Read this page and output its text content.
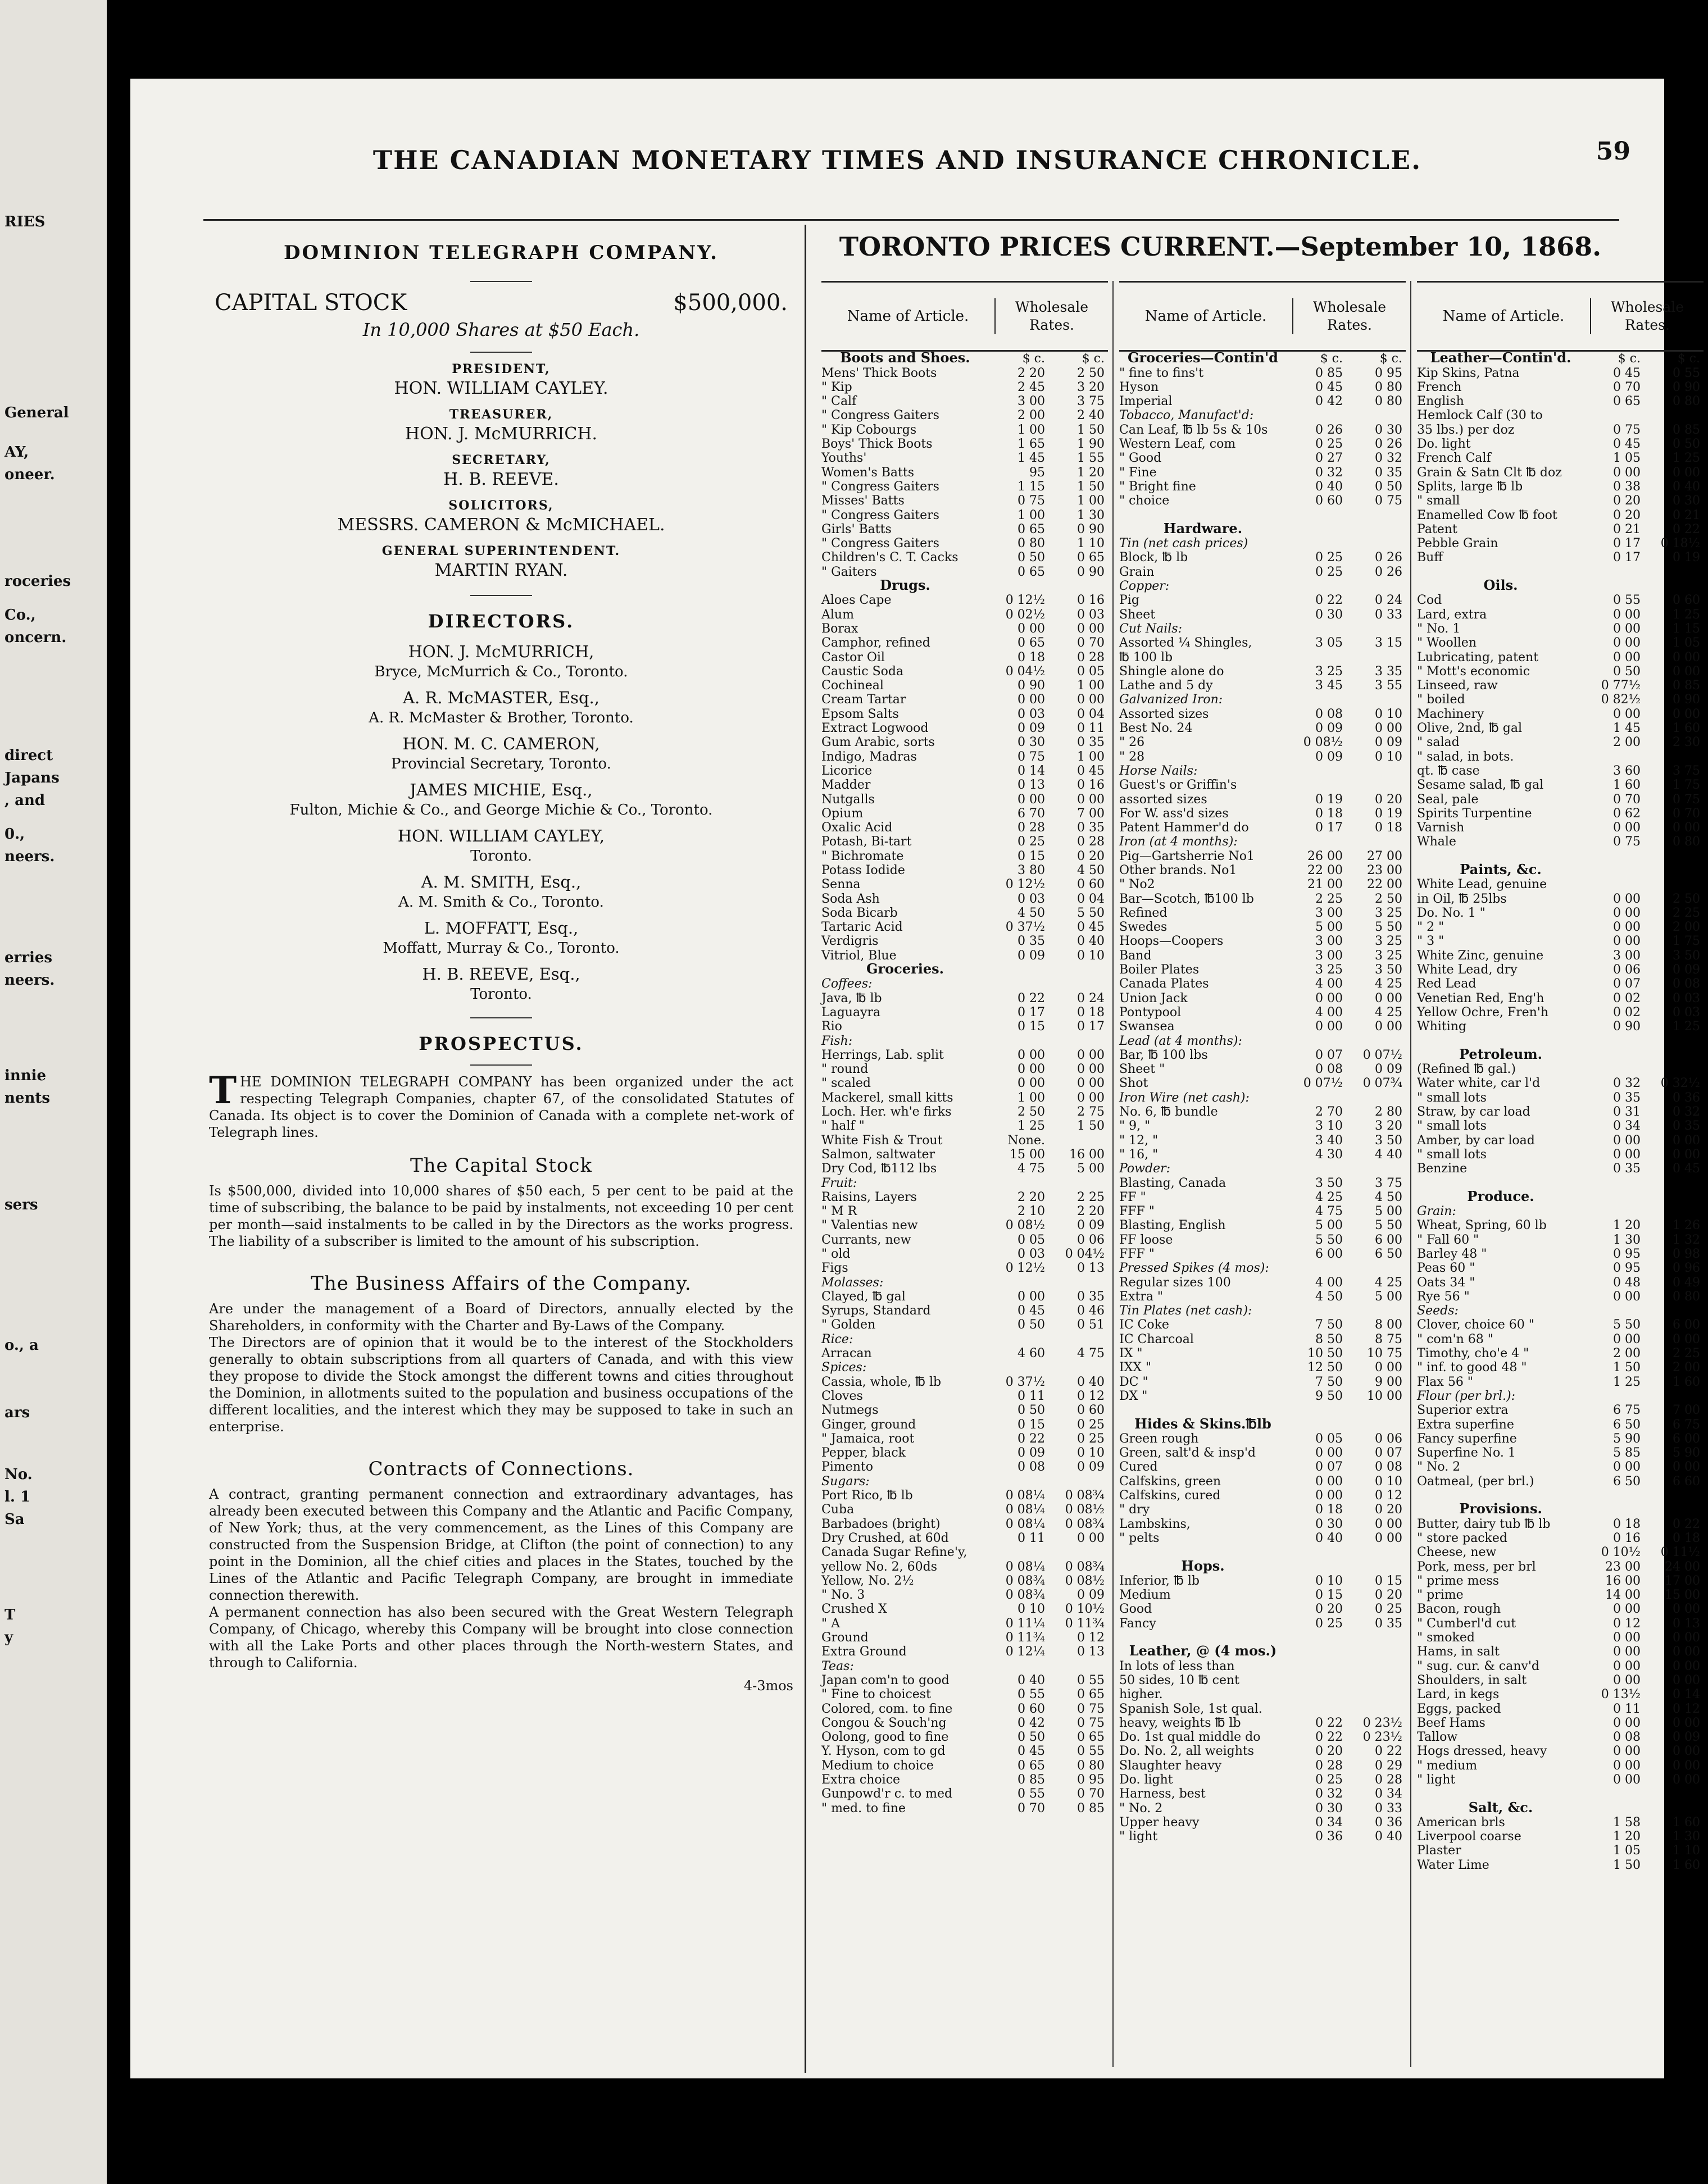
RIES
General
AY,
oneer.
roceries
Co.,
oncern.
direct
Japans
, and
0.,
neers.
erries
neers.
innie
nents
sers
o., a
ars
No.
l. 1
Sa
T
y
THE CANADIAN MONETARY TIMES AND INSURANCE CHRONICLE.	59
DOMINION TELEGRAPH COMPANY.
CAPITAL STOCK	$500,000.
In 10,000 Shares at $50 Each.
PRESIDENT,
HON. WILLIAM CAYLEY.
TREASURER,
HON. J. McMURRICH.
SECRETARY,
H. B. REEVE.
SOLICITORS,
MESSRS. CAMERON & McMICHAEL.
GENERAL SUPERINTENDENT.
MARTIN RYAN.
DIRECTORS.
HON. J. McMURRICH,
Bryce, McMurrich & Co., Toronto.
A. R. McMASTER, Esq.,
A. R. McMaster & Brother, Toronto.
HON. M. C. CAMERON,
Provincial Secretary, Toronto.
JAMES MICHIE, Esq.,
Fulton, Michie & Co., and George Michie & Co., Toronto.
HON. WILLIAM CAYLEY,
Toronto.
A. M. SMITH, Esq.,
A. M. Smith & Co., Toronto.
L. MOFFATT, Esq.,
Moffatt, Murray & Co., Toronto.
H. B. REEVE, Esq.,
Toronto.
PROSPECTUS.

THE DOMINION TELEGRAPH COMPANY has been organized under the act respecting Telegraph Companies, chapter 67, of the consolidated Statutes of Canada. Its object is to cover the Dominion of Canada with a complete net-work of Telegraph lines.

The Capital Stock

Is $500,000, divided into 10,000 shares of $50 each, 5 per cent to be paid at the time of subscribing, the balance to be paid by instalments, not exceeding 10 per cent per month—said instalments to be called in by the Directors as the works progress. The liability of a subscriber is limited to the amount of his subscription.

The Business Affairs of the Company.

Are under the management of a Board of Directors, annually elected by the Shareholders, in conformity with the Charter and By-Laws of the Company.

The Directors are of opinion that it would be to the interest of the Stockholders generally to obtain subscriptions from all quarters of Canada, and with this view they propose to divide the Stock amongst the different towns and cities throughout the Dominion, in allotments suited to the population and business occupations of the different localities, and the interest which they may be supposed to take in such an enterprise.

Contracts of Connections.

A contract, granting permanent connection and extraordinary advantages, has already been executed between this Company and the Atlantic and Pacific Company, of New York; thus, at the very commencement, as the Lines of this Company are constructed from the Suspension Bridge, at Clifton (the point of connection) to any point in the Dominion, all the chief cities and places in the States, touched by the Lines of the Atlantic and Pacific Telegraph Company, are brought in immediate connection therewith.

A permanent connection has also been secured with the Great Western Telegraph Company, of Chicago, whereby this Company will be brought into close connection with all the Lake Ports and other places through the North-western States, and through to California.

4-3mos
TORONTO PRICES CURRENT.—September 10, 1868.
Name of Article.
Wholesale Rates.
Boots and Shoes.	$ c.	$ c.
Mens' Thick Boots	2 20	2 50
" Kip	2 45	3 20
" Calf	3 00	3 75
" Congress Gaiters	2 00	2 40
" Kip Cobourgs	1 00	1 50
Boys' Thick Boots	1 65	1 90
Youths'	1 45	1 55
Women's Batts	95	1 20
" Congress Gaiters	1 15	1 50
Misses' Batts	0 75	1 00
" Congress Gaiters	1 00	1 30
Girls' Batts	0 65	0 90
" Congress Gaiters	0 80	1 10
Children's C. T. Cacks	0 50	0 65
" Gaiters	0 65	0 90
Drugs.
Aloes Cape	0 12½	0 16
Alum	0 02½	0 03
Borax	0 00	0 00
Camphor, refined	0 65	0 70
Castor Oil	0 18	0 28
Caustic Soda	0 04½	0 05
Cochineal	0 90	1 00
Cream Tartar	0 00	0 00
Epsom Salts	0 03	0 04
Extract Logwood	0 09	0 11
Gum Arabic, sorts	0 30	0 35
Indigo, Madras	0 75	1 00
Licorice	0 14	0 45
Madder	0 13	0 16
Nutgalls	0 00	0 00
Opium	6 70	7 00
Oxalic Acid	0 28	0 35
Potash, Bi-tart	0 25	0 28
" Bichromate	0 15	0 20
Potass Iodide	3 80	4 50
Senna	0 12½	0 60
Soda Ash	0 03	0 04
Soda Bicarb	4 50	5 50
Tartaric Acid	0 37½	0 45
Verdigris	0 35	0 40
Vitriol, Blue	0 09	0 10
Groceries.
Coffees:
Java, ℔ lb	0 22	0 24
Laguayra	0 17	0 18
Rio	0 15	0 17
Fish:
Herrings, Lab. split	0 00	0 00
" round	0 00	0 00
" scaled	0 00	0 00
Mackerel, small kitts	1 00	0 00
Loch. Her. wh'e firks	2 50	2 75
" half "	1 25	1 50
White Fish & Trout	None.
Salmon, saltwater	15 00	16 00
Dry Cod, ℔112 lbs	4 75	5 00
Fruit:
Raisins, Layers	2 20	2 25
" M R	2 10	2 20
" Valentias new	0 08½	0 09
Currants, new	0 05	0 06
" old	0 03	0 04½
Figs	0 12½	0 13
Molasses:
Clayed, ℔ gal	0 00	0 35
Syrups, Standard	0 45	0 46
" Golden	0 50	0 51
Rice:
Arracan	4 60	4 75
Spices:
Cassia, whole, ℔ lb	0 37½	0 40
Cloves	0 11	0 12
Nutmegs	0 50	0 60
Ginger, ground	0 15	0 25
" Jamaica, root	0 22	0 25
Pepper, black	0 09	0 10
Pimento	0 08	0 09
Sugars:
Port Rico, ℔ lb	0 08¼	0 08¾
Cuba	0 08¼	0 08½
Barbadoes (bright)	0 08¼	0 08¾
Dry Crushed, at 60d	0 11	0 00
Canada Sugar Refine'y,
yellow No. 2, 60ds	0 08¼	0 08¾
Yellow, No. 2½	0 08¾	0 08½
" No. 3	0 08¾	0 09
Crushed X	0 10	0 10½
" A	0 11¼	0 11¾
Ground	0 11¾	0 12
Extra Ground	0 12¼	0 13
Teas:
Japan com'n to good	0 40	0 55
" Fine to choicest	0 55	0 65
Colored, com. to fine	0 60	0 75
Congou & Souch'ng	0 42	0 75
Oolong, good to fine	0 50	0 65
Y. Hyson, com to gd	0 45	0 55
Medium to choice	0 65	0 80
Extra choice	0 85	0 95
Gunpowd'r c. to med	0 55	0 70
" med. to fine	0 70	0 85
Name of Article.
Wholesale Rates.
Groceries—Contin'd	$ c.	$ c.
" fine to fins't	0 85	0 95
Hyson	0 45	0 80
Imperial	0 42	0 80
Tobacco, Manufact'd:
Can Leaf, ℔ lb 5s & 10s	0 26	0 30
Western Leaf, com	0 25	0 26
" Good	0 27	0 32
" Fine	0 32	0 35
" Bright fine	0 40	0 50
" choice	0 60	0 75
Hardware.
Tin (net cash prices)
Block, ℔ lb	0 25	0 26
Grain	0 25	0 26
Copper:
Pig	0 22	0 24
Sheet	0 30	0 33
Cut Nails:
Assorted ¼ Shingles,	3 05	3 15
℔ 100 lb
Shingle alone do	3 25	3 35
Lathe and 5 dy	3 45	3 55
Galvanized Iron:
Assorted sizes	0 08	0 10
Best No. 24	0 09	0 00
" 26	0 08½	0 09
" 28	0 09	0 10
Horse Nails:
Guest's or Griffin's
assorted sizes	0 19	0 20
For W. ass'd sizes	0 18	0 19
Patent Hammer'd do	0 17	0 18
Iron (at 4 months):
Pig—Gartsherrie No1	26 00	27 00
Other brands. No1	22 00	23 00
" No2	21 00	22 00
Bar—Scotch, ℔100 lb	2 25	2 50
Refined	3 00	3 25
Swedes	5 00	5 50
Hoops—Coopers	3 00	3 25
Band	3 00	3 25
Boiler Plates	3 25	3 50
Canada Plates	4 00	4 25
Union Jack	0 00	0 00
Pontypool	4 00	4 25
Swansea	0 00	0 00
Lead (at 4 months):
Bar, ℔ 100 lbs	0 07	0 07½
Sheet "	0 08	0 09
Shot	0 07½	0 07¾
Iron Wire (net cash):
No. 6, ℔ bundle	2 70	2 80
" 9, "	3 10	3 20
" 12, "	3 40	3 50
" 16, "	4 30	4 40
Powder:
Blasting, Canada	3 50	3 75
FF "	4 25	4 50
FFF "	4 75	5 00
Blasting, English	5 00	5 50
FF loose	5 50	6 00
FFF "	6 00	6 50
Pressed Spikes (4 mos):
Regular sizes 100	4 00	4 25
Extra "	4 50	5 00
Tin Plates (net cash):
IC Coke	7 50	8 00
IC Charcoal	8 50	8 75
IX "	10 50	10 75
IXX "	12 50	0 00
DC "	7 50	9 00
DX "	9 50	10 00
Hides & Skins.℔lb
Green rough	0 05	0 06
Green, salt'd & insp'd	0 00	0 07
Cured	0 07	0 08
Calfskins, green	0 00	0 10
Calfskins, cured	0 00	0 12
" dry	0 18	0 20
Lambskins,	0 30	0 00
" pelts	0 40	0 00
Hops.
Inferior, ℔ lb	0 10	0 15
Medium	0 15	0 20
Good	0 20	0 25
Fancy	0 25	0 35
Leather, @ (4 mos.)
In lots of less than
50 sides, 10 ℔ cent
higher.
Spanish Sole, 1st qual.
heavy, weights ℔ lb	0 22	0 23½
Do. 1st qual middle do	0 22	0 23½
Do. No. 2, all weights	0 20	0 22
Slaughter heavy	0 28	0 29
Do. light	0 25	0 28
Harness, best	0 32	0 34
" No. 2	0 30	0 33
Upper heavy	0 34	0 36
" light	0 36	0 40
Name of Article.
Wholesale Rates.
Leather—Contin'd.	$ c.	$ c.
Kip Skins, Patna	0 45	0 55
French	0 70	0 90
English	0 65	0 80
Hemlock Calf (30 to
35 lbs.) per doz	0 75	0 85
Do. light	0 45	0 50
French Calf	1 05	1 25
Grain & Satn Clt ℔ doz	0 00	0 00
Splits, large ℔ lb	0 38	0 40
" small	0 20	0 30
Enamelled Cow ℔ foot	0 20	0 21
Patent	0 21	0 22
Pebble Grain	0 17	0 18½
Buff	0 17	0 19
Oils.
Cod	0 55	0 60
Lard, extra	0 00	1 25
" No. 1	0 00	1 15
" Woollen	0 00	1 05
Lubricating, patent	0 00	0 00
" Mott's economic	0 50	0 00
Linseed, raw	0 77½	0 85
" boiled	0 82½	0 90
Machinery	0 00	0 00
Olive, 2nd, ℔ gal	1 45	1 60
" salad	2 00	2 30
" salad, in bots.
qt. ℔ case	3 60	3 75
Sesame salad, ℔ gal	1 60	1 75
Seal, pale	0 70	0 75
Spirits Turpentine	0 62	0 70
Varnish	0 00	0 00
Whale	0 75	0 80
Paints, &c.
White Lead, genuine
in Oil, ℔ 25lbs	0 00	2 50
Do. No. 1 "	0 00	2 25
" 2 "	0 00	2 00
" 3 "	0 00	1 75
White Zinc, genuine	3 00	3 50
White Lead, dry	0 06	0 09
Red Lead	0 07	0 08
Venetian Red, Eng'h	0 02	0 03
Yellow Ochre, Fren'h	0 02	0 03
Whiting	0 90	1 25
Petroleum.
(Refined ℔ gal.)
Water white, car l'd	0 32	0 32½
" small lots	0 35	0 36
Straw, by car load	0 31	0 32
" small lots	0 34	0 35
Amber, by car load	0 00	0 00
" small lots	0 00	0 00
Benzine	0 35	0 45
Produce.
Grain:
Wheat, Spring, 60 lb	1 20	1 26
" Fall 60 "	1 30	1 32
Barley 48 "	0 95	0 98
Peas 60 "	0 95	0 96
Oats 34 "	0 48	0 49
Rye 56 "	0 00	0 80
Seeds:
Clover, choice 60 "	5 50	6 00
" com'n 68 "	0 00	0 00
Timothy, cho'e 4 "	2 00	2 25
" inf. to good 48 "	1 50	2 00
Flax 56 "	1 25	1 60
Flour (per brl.):
Superior extra	6 75	7 00
Extra superfine	6 50	6 75
Fancy superfine	5 90	6 00
Superfine No. 1	5 85	5 90
" No. 2	0 00	0 00
Oatmeal, (per brl.)	6 50	6 60
Provisions.
Butter, dairy tub ℔ lb	0 18	0 22
" store packed	0 16	0 18
Cheese, new	0 10½	0 11½
Pork, mess, per brl	23 00	24 00
" prime mess	16 00	17 00
" prime	14 00	15 00
Bacon, rough	0 00	0 00
" Cumberl'd cut	0 12	0 13
" smoked	0 00	0 00
Hams, in salt	0 00	0 00
" sug. cur. & canv'd	0 00	0 00
Shoulders, in salt	0 00	0 00
Lard, in kegs	0 13½	0 14
Eggs, packed	0 11	0 12
Beef Hams	0 00	0 00
Tallow	0 08	0 09
Hogs dressed, heavy	0 00	0 00
" medium	0 00	0 00
" light	0 00	0 00
Salt, &c.
American brls	1 58	1 60
Liverpool coarse	1 20	1 30
Plaster	1 05	1 10
Water Lime	1 50	1 60
